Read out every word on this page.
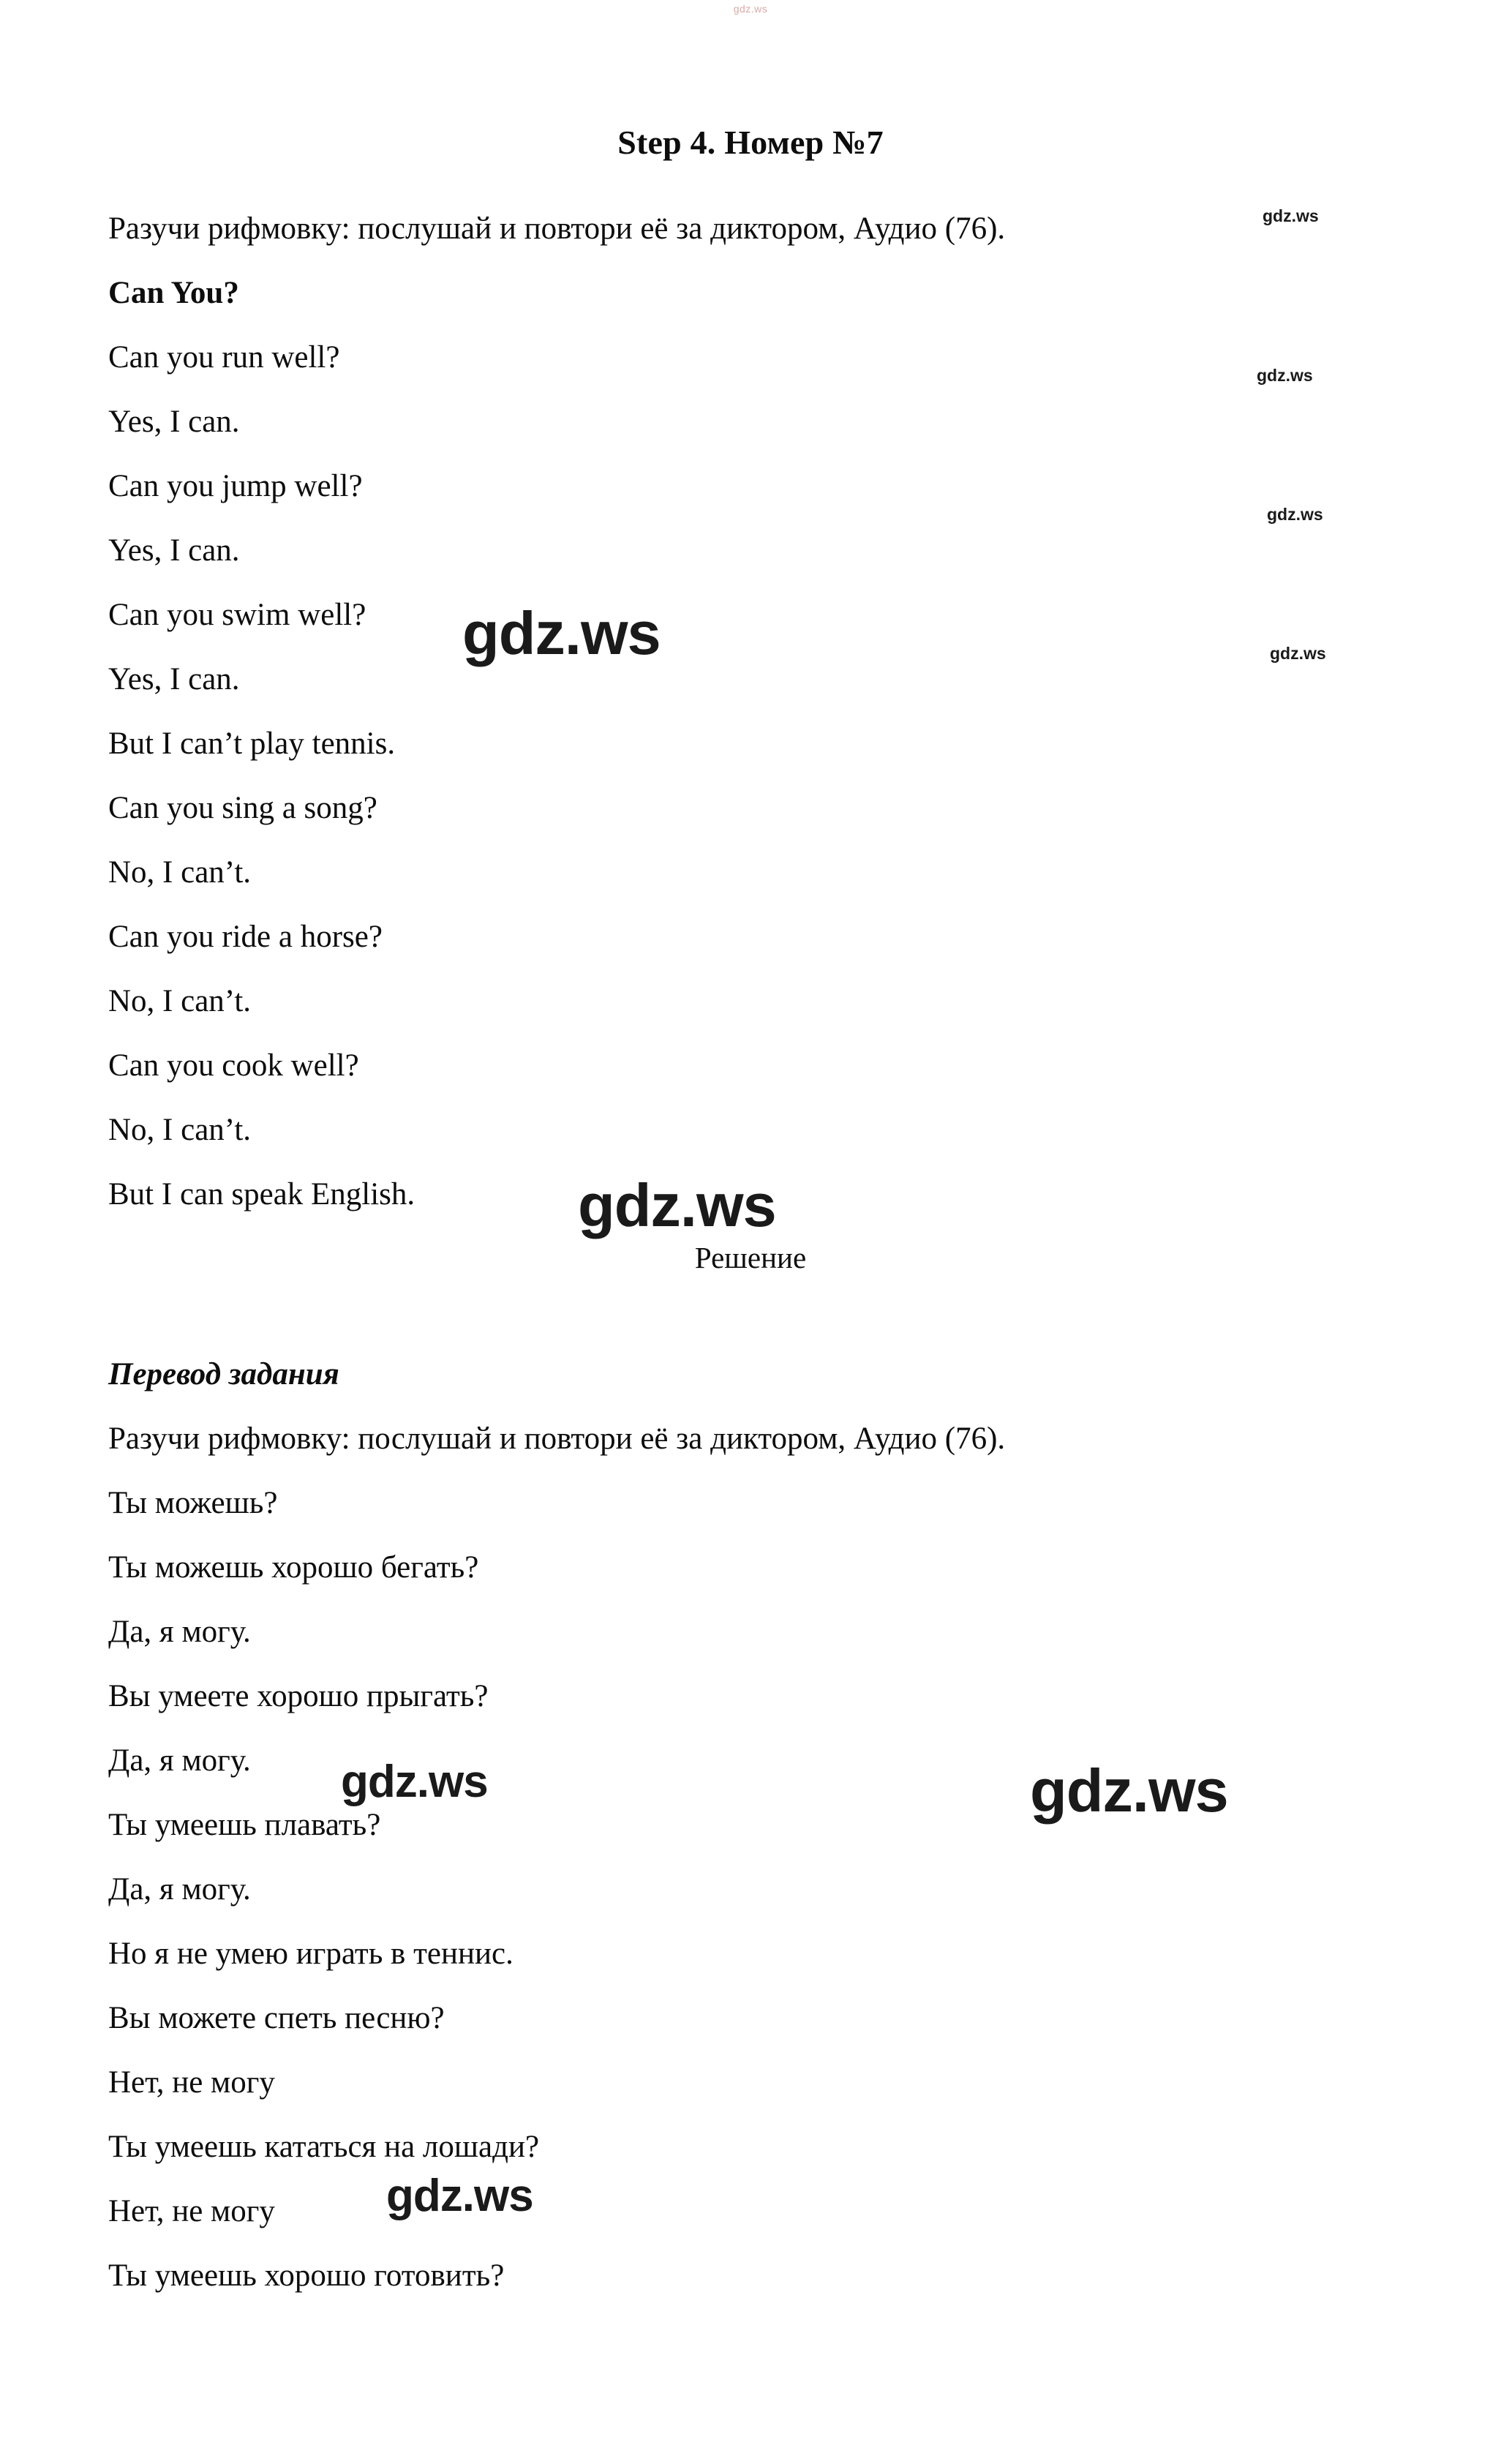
gdz.ws
Step 4. Номер №7
Разучи рифмовку: послушай и повтори её за диктором, Аудио (76).
Can You?
Can you run well?
Yes, I can.
Can you jump well?
Yes, I can.
Can you swim well?
Yes, I can.
But I can’t play tennis.
Can you sing a song?
No, I can’t.
Can you ride a horse?
No, I can’t.
Can you cook well?
No, I can’t.
But I can speak English.
Решение
Перевод задания
Разучи рифмовку: послушай и повтори её за диктором, Аудио (76).
Ты можешь?
Ты можешь хорошо бегать?
Да, я могу.
Вы умеете хорошо прыгать?
Да, я могу.
Ты умеешь плавать?
Да, я могу.
Но я не умею играть в теннис.
Вы можете спеть песню?
Нет, не могу
Ты умеешь кататься на лошади?
Нет, не могу
Ты умеешь хорошо готовить?
gdz.ws
gdz.ws
gdz.ws
gdz.ws
gdz.ws
gdz.ws
gdz.ws	gdz.ws
gdz.ws
